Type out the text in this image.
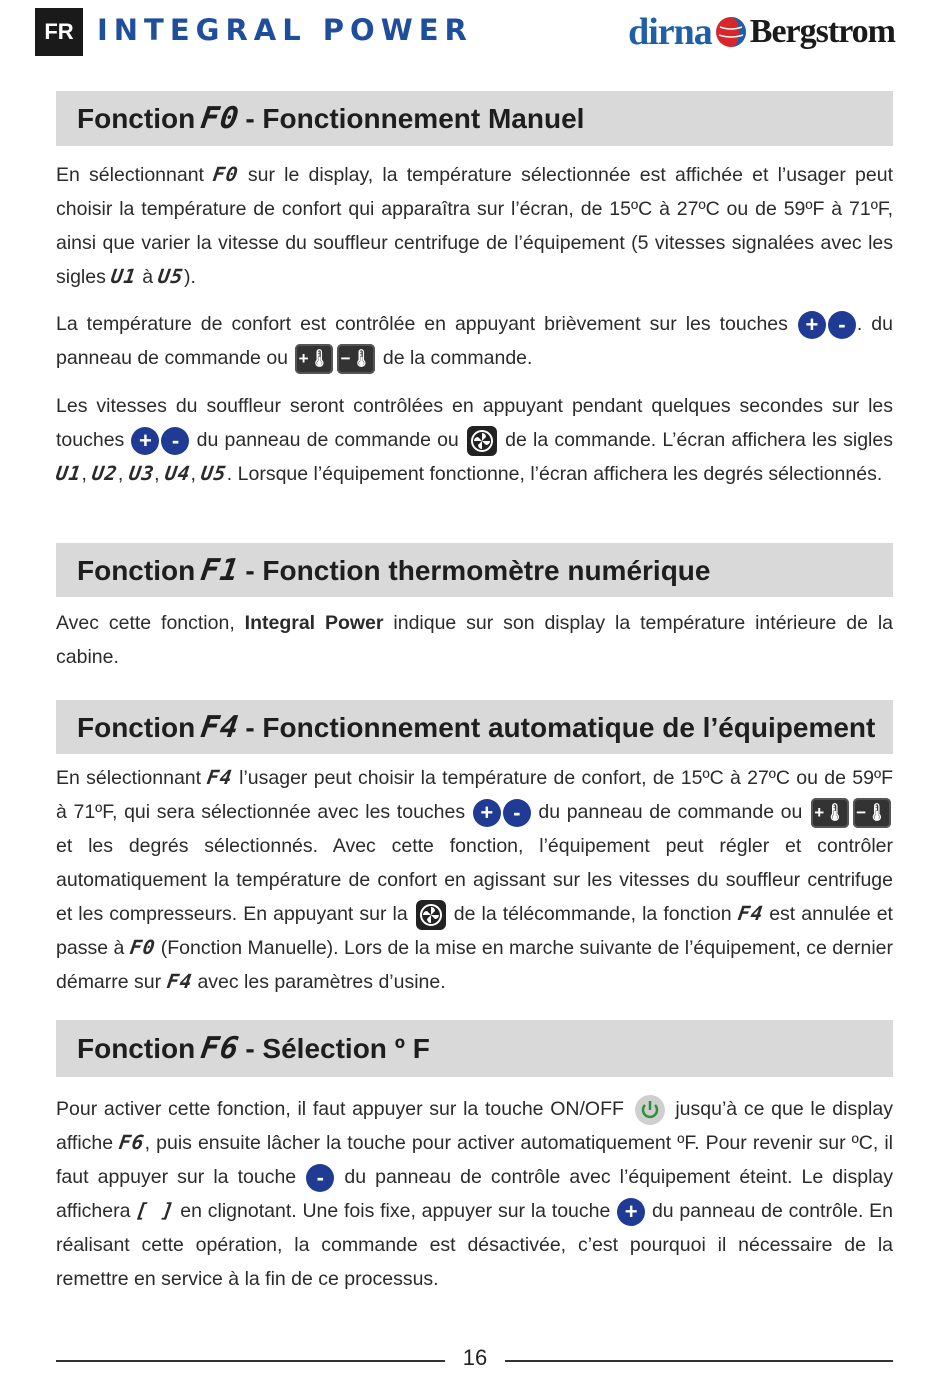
FR INTEGRAL POWER	dirna Bergstrom
Fonction F0 - Fonctionnement Manuel
En sélectionnant F0 sur le display, la température sélectionnée est affichée et l’usager peut choisir la température de confort qui apparaîtra sur l’écran, de 15ºC à 27ºC ou de 59ºF à 71ºF, ainsi que varier la vitesse du souffleur centrifuge de l’équipement (5 vitesses signalées avec les sigles U1 à U5).
La température de confort est contrôlée en appuyant brièvement sur les touches + - . du panneau de commande ou +🌡 −🌡 de la commande.
Les vitesses du souffleur seront contrôlées en appuyant pendant quelques secondes sur les touches + - du panneau de commande ou de la commande. L’écran affichera les sigles U1, U2, U3, U4, U5. Lorsque l’équipement fonctionne, l’écran affichera les degrés sélectionnés.
Fonction F1 - Fonction thermomètre numérique
Avec cette fonction, Integral Power indique sur son display la température intérieure de la cabine.
Fonction F4 - Fonctionnement automatique de l’équipement
En sélectionnant F4 l’usager peut choisir la température de confort, de 15ºC à 27ºC ou de 59ºF à 71ºF, qui sera sélectionnée avec les touches + - du panneau de commande ou +🌡 −🌡 et les degrés sélectionnés. Avec cette fonction, l’équipement peut régler et contrôler automatiquement la température de confort en agissant sur les vitesses du souffleur centrifuge et les compresseurs. En appuyant sur la de la télécommande, la fonction F4 est annulée et passe à F0 (Fonction Manuelle). Lors de la mise en marche suivante de l’équipement, ce dernier démarre sur F4 avec les paramètres d’usine.
Fonction F6 - Sélection º F
Pour activer cette fonction, il faut appuyer sur la touche ON/OFF	jusqu’à ce que le display affiche F6, puis ensuite lâcher la touche pour activer automatiquement ºF. Pour revenir sur ºC, il faut appuyer sur la touche - du panneau de contrôle avec l’équipement éteint. Le display affichera [ ] en clignotant. Une fois fixe, appuyer sur la touche + du panneau de contrôle. En réalisant cette opération, la commande est désactivée, c’est pourquoi il nécessaire de la remettre en service à la fin de ce processus.
16
